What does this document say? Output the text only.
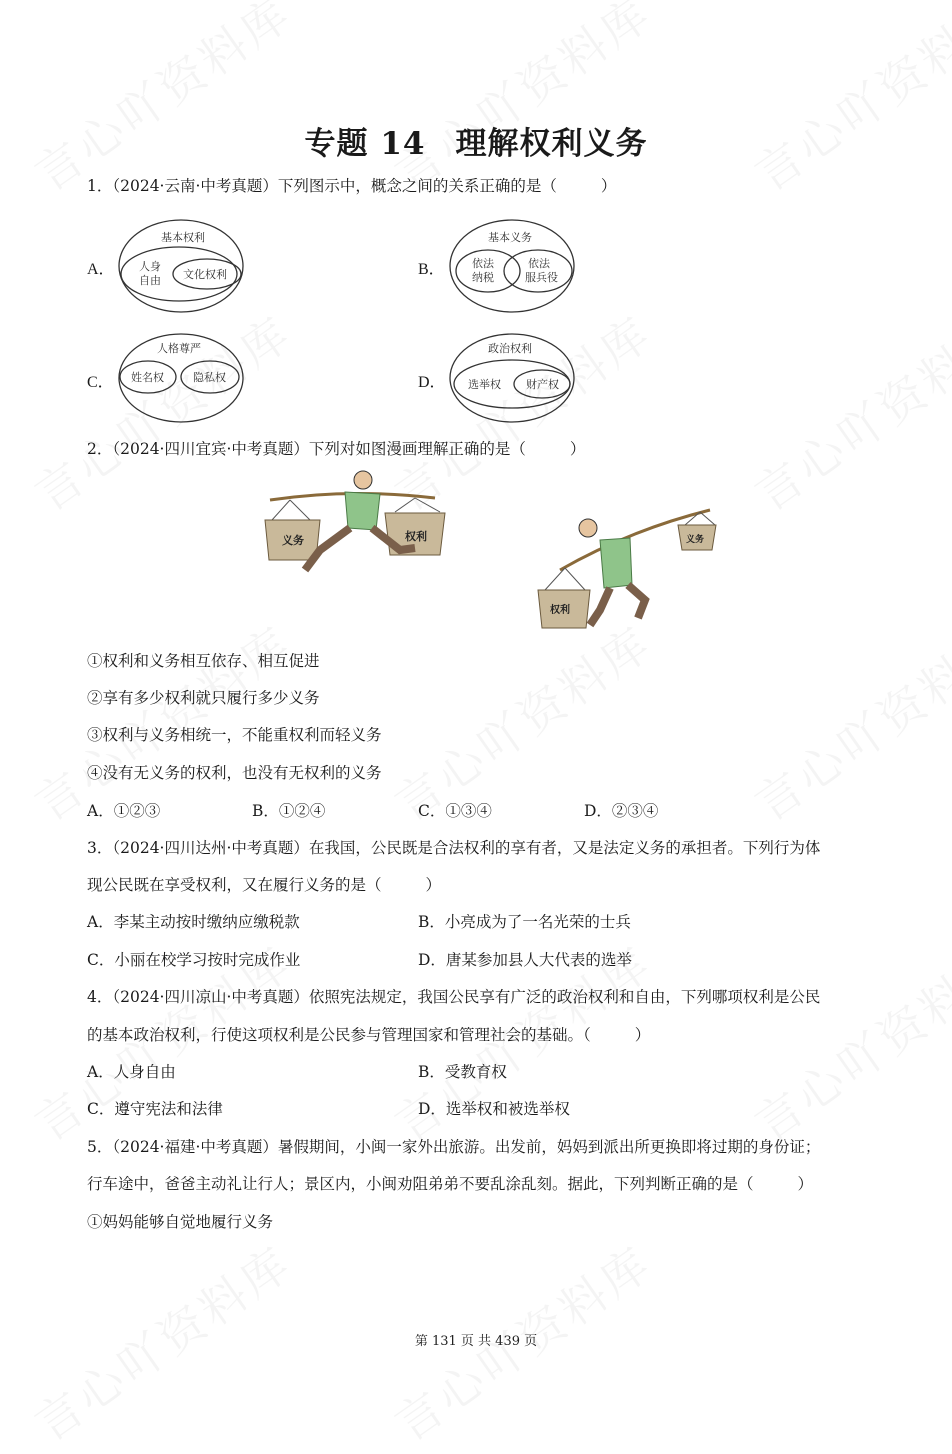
专题 14 理解权利义务
1．（2024·云南·中考真题）下列图示中，概念之间的关系正确的是（	）
A．
基本权利
人身
自由 文化权利	B．
基本义务
依法
纳税
依法
服兵役
C．
人格尊严
姓名权	隐私权	D．
政治权利
选举权 财产权
2．（2024·四川宜宾·中考真题）下列对如图漫画理解正确的是（	）
义务	权利
权利
义务
①权利和义务相互依存、相互促进
②享有多少权利就只履行多少义务
③权利与义务相统一，不能重权利而轻义务
④没有无义务的权利，也没有无权利的义务
A．①②③	B．①②④	C．①③④	D．②③④
3．（2024·四川达州·中考真题）在我国，公民既是合法权利的享有者，又是法定义务的承担者。下列行为体
现公民既在享受权利，又在履行义务的是（	）
A．李某主动按时缴纳应缴税款	B．小亮成为了一名光荣的士兵
C．小丽在校学习按时完成作业	D．唐某参加县人大代表的选举
4．（2024·四川凉山·中考真题）依照宪法规定，我国公民享有广泛的政治权利和自由，下列哪项权利是公民
的基本政治权利，行使这项权利是公民参与管理国家和管理社会的基础。（	）
A．人身自由	B．受教育权
C．遵守宪法和法律	D．选举权和被选举权
5．（2024·福建·中考真题）暑假期间，小闽一家外出旅游。出发前，妈妈到派出所更换即将过期的身份证；
行车途中，爸爸主动礼让行人；景区内，小闽劝阻弟弟不要乱涂乱刻。据此，下列判断正确的是（	）
①妈妈能够自觉地履行义务
第 131 页 共 439 页
